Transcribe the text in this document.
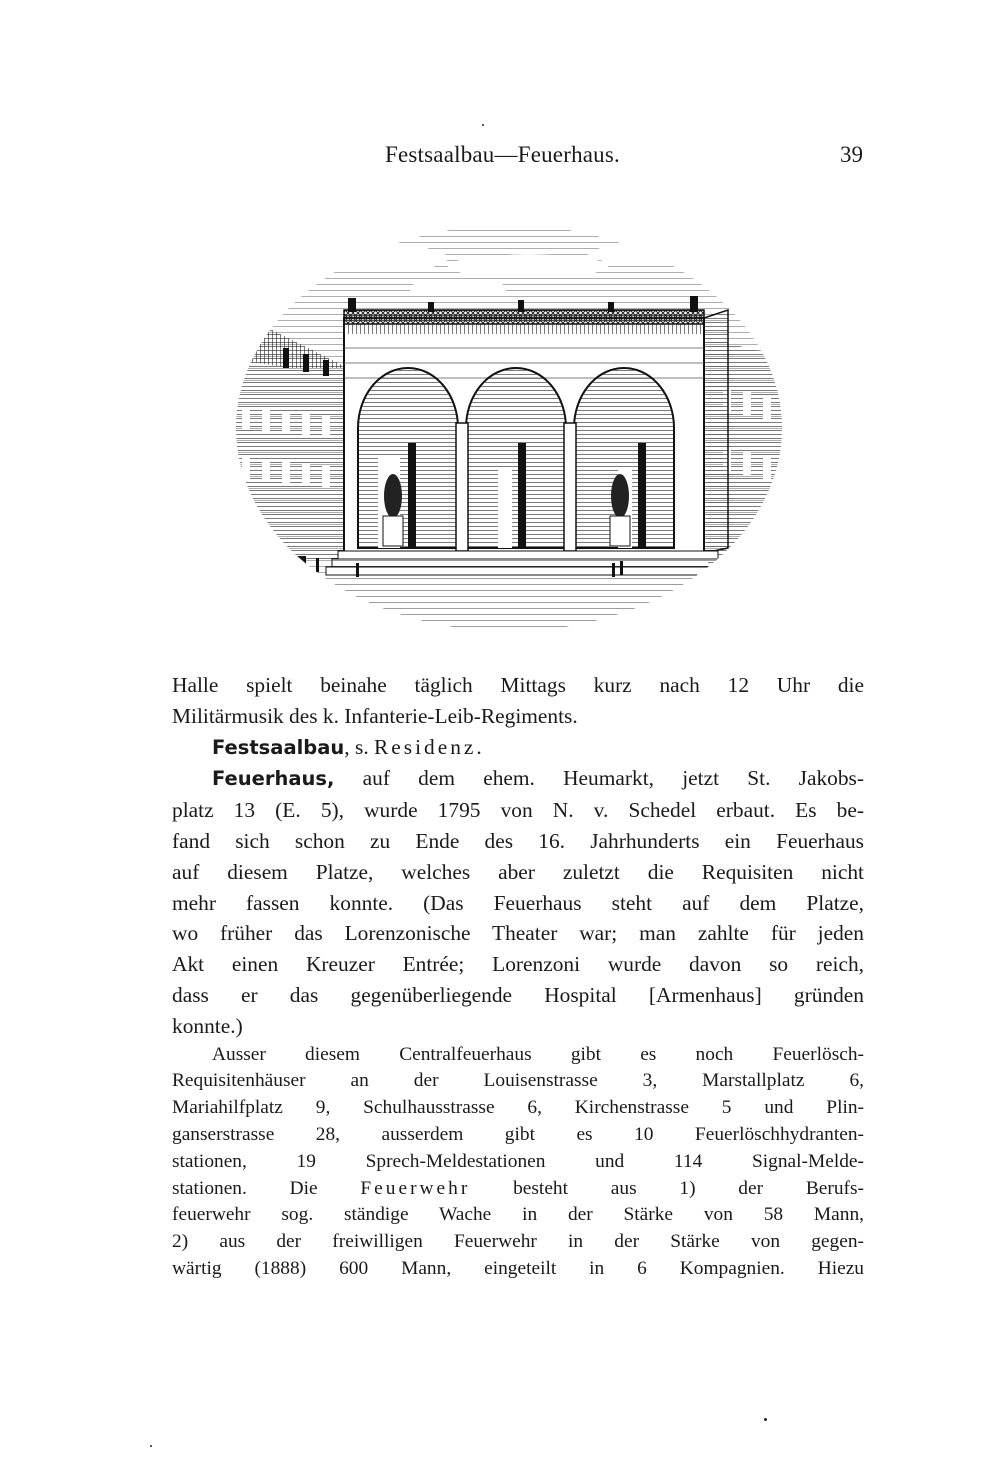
Festsaalbau—Feuerhaus.	39

Halle spielt beinahe täglich Mittags kurz nach 12 Uhr die

Militärmusik des k. Infanterie-Leib-Regiments.

Festsaalbau, s. Residenz.

Feuerhaus, auf dem ehem. Heumarkt, jetzt St. Jakobs-

platz 13 (E. 5), wurde 1795 von N. v. Schedel erbaut. Es be-

fand sich schon zu Ende des 16. Jahrhunderts ein Feuerhaus

auf diesem Platze, welches aber zuletzt die Requisiten nicht

mehr fassen konnte. (Das Feuerhaus steht auf dem Platze,

wo früher das Lorenzonische Theater war; man zahlte für jeden

Akt einen Kreuzer Entrée; Lorenzoni wurde davon so reich,

dass er das gegenüberliegende Hospital [Armenhaus] gründen

konnte.)

Ausser diesem Centralfeuerhaus gibt es noch Feuerlösch-

Requisitenhäuser an der Louisenstrasse 3, Marstallplatz 6,

Mariahilfplatz 9, Schulhausstrasse 6, Kirchenstrasse 5 und Plin-

ganserstrasse 28, ausserdem gibt es 10 Feuerlöschhydranten-

stationen, 19 Sprech-Meldestationen und 114 Signal-Melde-

stationen. Die Feuerwehr besteht aus 1) der Berufs-

feuerwehr sog. ständige Wache in der Stärke von 58 Mann,

2) aus der freiwilligen Feuerwehr in der Stärke von gegen-

wärtig (1888) 600 Mann, eingeteilt in 6 Kompagnien. Hiezu
